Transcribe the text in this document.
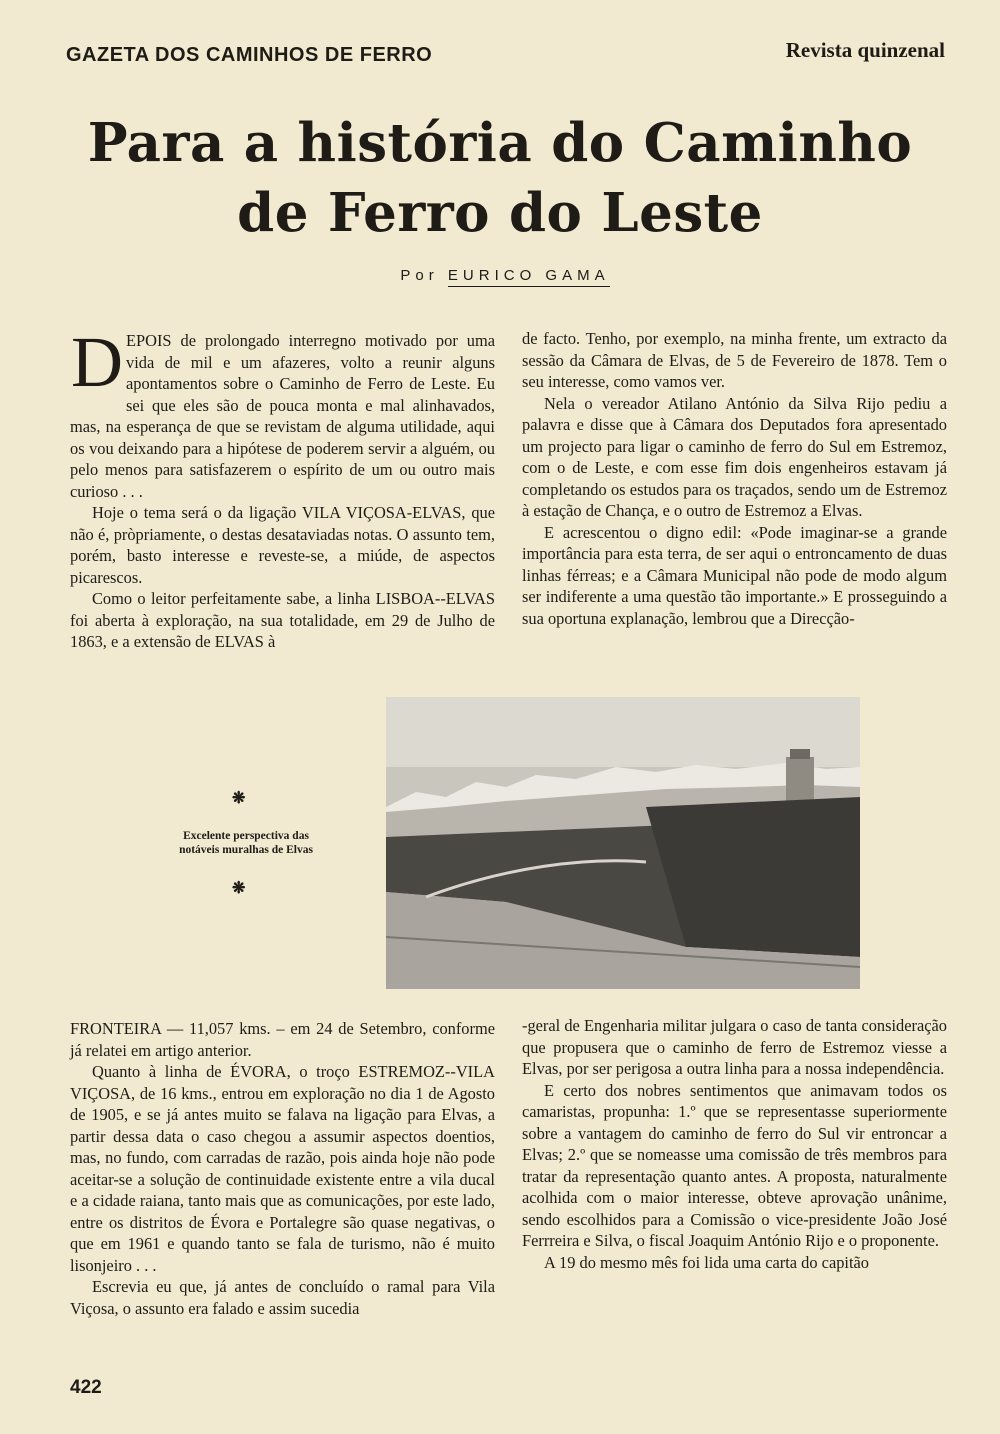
GAZETA DOS CAMINHOS DE FERRO	Revista quinzenal
Para a história do Caminho
de Ferro do Leste
Por EURICO GAMA
D EPOIS de prolongado interregno motivado por uma vida de mil e um afazeres, volto a reunir alguns apontamentos sobre o Caminho de Ferro de Leste. Eu sei que eles são de pouca monta e mal alinhavados, mas, na esperança de que se revistam de alguma utilidade, aqui os vou deixando para a hipótese de poderem servir a alguém, ou pelo menos para satisfazerem o espírito de um ou outro mais curioso . . .

Hoje o tema será o da ligação VILA VIÇOSA-ELVAS, que não é, pròpriamente, o destas desataviadas notas. O assunto tem, porém, basto interesse e reveste-se, a miúde, de aspectos picarescos.

Como o leitor perfeitamente sabe, a linha LISBOA--ELVAS foi aberta à exploração, na sua totalidade, em 29 de Julho de 1863, e a extensão de ELVAS à

de facto. Tenho, por exemplo, na minha frente, um extracto da sessão da Câmara de Elvas, de 5 de Fevereiro de 1878. Tem o seu interesse, como vamos ver.

Nela o vereador Atilano António da Silva Rijo pediu a palavra e disse que à Câmara dos Deputados fora apresentado um projecto para ligar o caminho de ferro do Sul em Estremoz, com o de Leste, e com esse fim dois engenheiros estavam já completando os estudos para os traçados, sendo um de Estremoz à estação de Chança, e o outro de Estremoz a Elvas.

E acrescentou o digno edil: «Pode imaginar-se a grande importância para esta terra, de ser aqui o entroncamento de duas linhas férreas; e a Câmara Municipal não pode de modo algum ser indiferente a uma questão tão importante.» E prosseguindo a sua oportuna explanação, lembrou que a Direcção-

❋
Excelente perspectiva das
notáveis muralhas de Elvas
❋

FRONTEIRA — 11,057 kms. – em 24 de Setembro, conforme já relatei em artigo anterior.

Quanto à linha de ÉVORA, o troço ESTREMOZ--VILA VIÇOSA, de 16 kms., entrou em exploração no dia 1 de Agosto de 1905, e se já antes muito se falava na ligação para Elvas, a partir dessa data o caso chegou a assumir aspectos doentios, mas, no fundo, com carradas de razão, pois ainda hoje não pode aceitar-se a solução de continuidade existente entre a vila ducal e a cidade raiana, tanto mais que as comunicações, por este lado, entre os distritos de Évora e Portalegre são quase negativas, o que em 1961 e quando tanto se fala de turismo, não é muito lisonjeiro . . .

Escrevia eu que, já antes de concluído o ramal para Vila Viçosa, o assunto era falado e assim sucedia

-geral de Engenharia militar julgara o caso de tanta consideração que propusera que o caminho de ferro de Estremoz viesse a Elvas, por ser perigosa a outra linha para a nossa independência.

E certo dos nobres sentimentos que animavam todos os camaristas, propunha: 1.º que se representasse superiormente sobre a vantagem do caminho de ferro do Sul vir entroncar a Elvas; 2.º que se nomeasse uma comissão de três membros para tratar da representação quanto antes. A proposta, naturalmente acolhida com o maior interesse, obteve aprovação unânime, sendo escolhidos para a Comissão o vice-presidente João José Ferrreira e Silva, o fiscal Joaquim António Rijo e o proponente.

A 19 do mesmo mês foi lida uma carta do capitão

422
